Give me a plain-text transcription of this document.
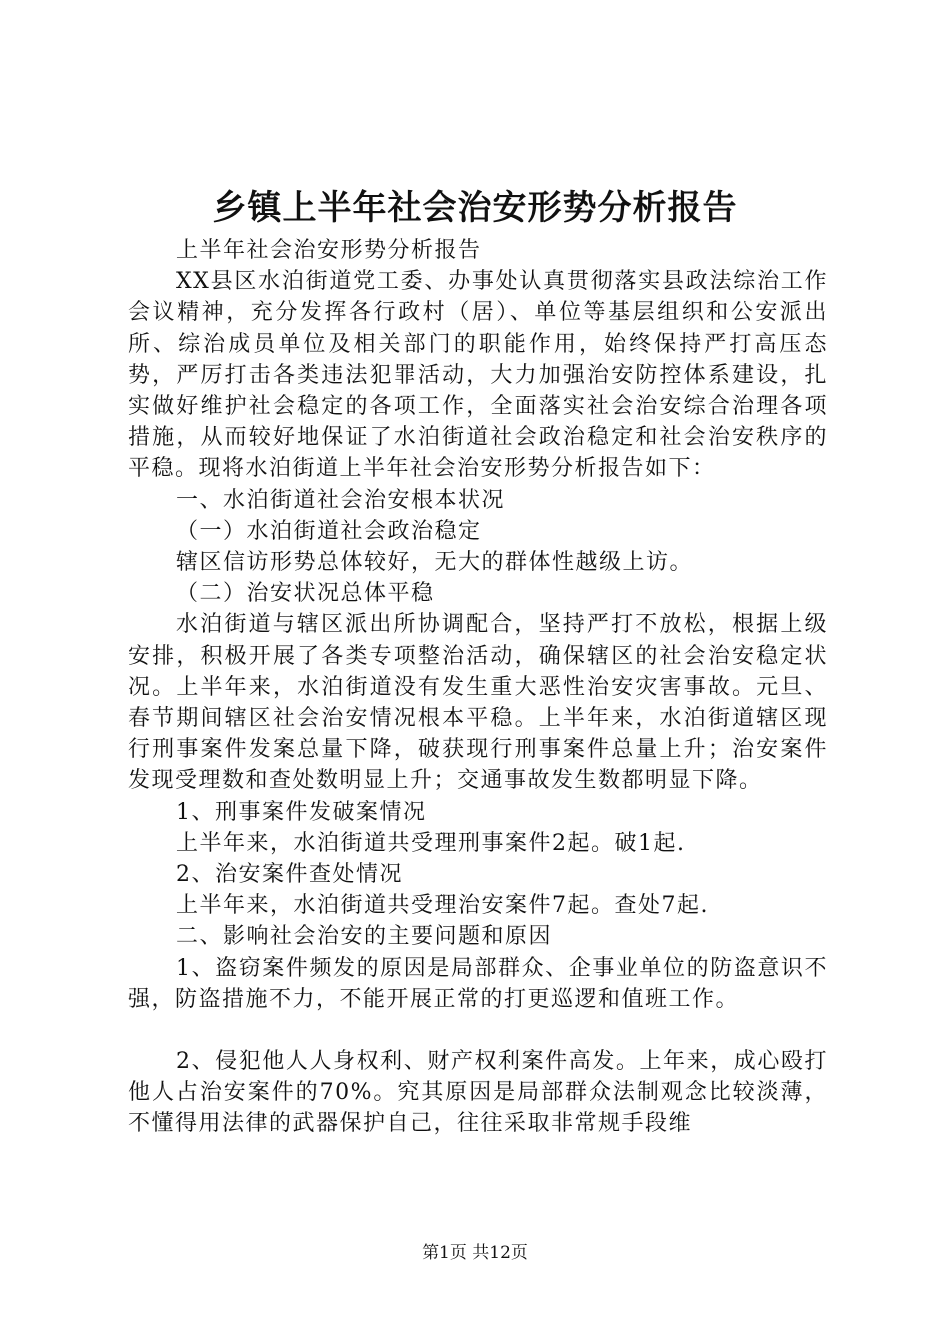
乡镇上半年社会治安形势分析报告

上半年社会治安形势分析报告

XX县区水泊街道党工委、办事处认真贯彻落实县政法综治工作会议精神，充分发挥各行政村（居）、单位等基层组织和公安派出所、综治成员单位及相关部门的职能作用，始终保持严打高压态势，严厉打击各类违法犯罪活动，大力加强治安防控体系建设，扎实做好维护社会稳定的各项工作，全面落实社会治安综合治理各项措施，从而较好地保证了水泊街道社会政治稳定和社会治安秩序的平稳。现将水泊街道上半年社会治安形势分析报告如下：

一、水泊街道社会治安根本状况

（一）水泊街道社会政治稳定

辖区信访形势总体较好，无大的群体性越级上访。

（二）治安状况总体平稳

水泊街道与辖区派出所协调配合，坚持严打不放松，根据上级安排，积极开展了各类专项整治活动，确保辖区的社会治安稳定状况。上半年来，水泊街道没有发生重大恶性治安灾害事故。元旦、春节期间辖区社会治安情况根本平稳。上半年来，水泊街道辖区现行刑事案件发案总量下降，破获现行刑事案件总量上升；治安案件发现受理数和查处数明显上升；交通事故发生数都明显下降。

1、刑事案件发破案情况

上半年来，水泊街道共受理刑事案件2起。破1起.

2、治安案件查处情况

上半年来，水泊街道共受理治安案件7起。查处7起.

二、影响社会治安的主要问题和原因

1、盗窃案件频发的原因是局部群众、企事业单位的防盗意识不强，防盗措施不力，不能开展正常的打更巡逻和值班工作。

2、侵犯他人人身权利、财产权利案件高发。上年来，成心殴打他人占治安案件的70%。究其原因是局部群众法制观念比较淡薄，不懂得用法律的武器保护自己，往往采取非常规手段维

第1页 共12页
